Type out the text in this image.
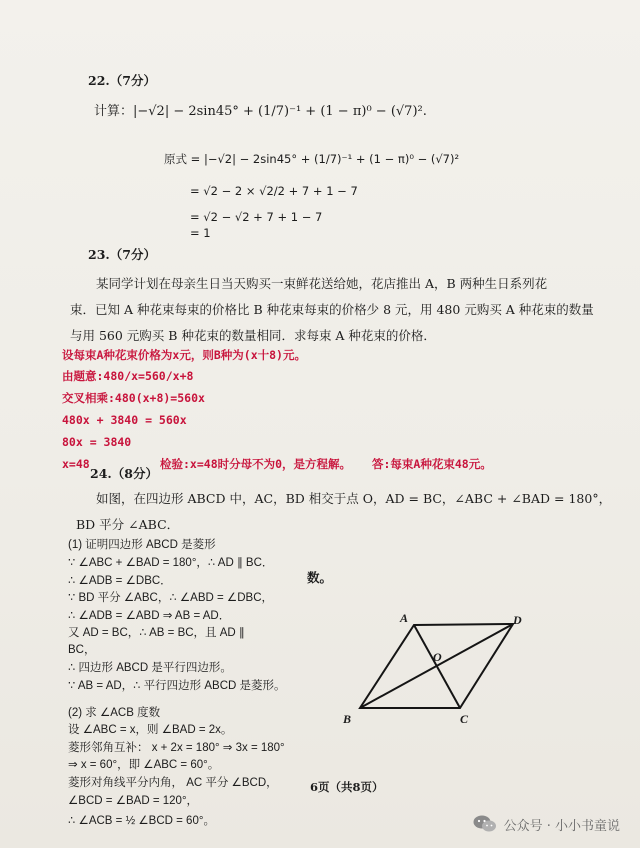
22.（7分）
计算：|−√2| − 2sin45° + (1/7)⁻¹ + (1 − π)⁰ − (√7)².
原式 = |−√2| − 2sin45° + (1/7)⁻¹ + (1 − π)⁰ − (√7)²
= √2 − 2 × √2/2 + 7 + 1 − 7
= √2 − √2 + 7 + 1 − 7
= 1
23.（7分）
某同学计划在母亲生日当天购买一束鲜花送给她，花店推出 A，B 两种生日系列花
束．已知 A 种花束每束的价格比 B 种花束每束的价格少 8 元，用 480 元购买 A 种花束的数量
与用 560 元购买 B 种花束的数量相同．求每束 A 种花束的价格．
设每束A种花束价格为x元，则B种为(x十8)元。
由题意:480/x=560/x+8
交叉相乘:480(x+8)=560x
480x + 3840 = 560x
80x = 3840
x=48	检验:x=48时分母不为0，是方程解。 答:每束A种花束48元。
24.（8分）
如图，在四边形 ABCD 中，AC，BD 相交于点 O，AD = BC，∠ABC + ∠BAD = 180°，
BD 平分 ∠ABC．
(1) 证明四边形 ABCD 是菱形
∵ ∠ABC + ∠BAD = 180°，∴ AD ∥ BC．
∴ ∠ADB = ∠DBC．
∵ BD 平分 ∠ABC，∴ ∠ABD = ∠DBC，
∴ ∠ADB = ∠ABD ⇒ AB = AD．
又 AD = BC，∴ AB = BC，且 AD ∥
BC，
∴ 四边形 ABCD 是平行四边形。
∵ AB = AD，∴ 平行四边形 ABCD 是菱形。
(2) 求 ∠ACB 度数
设 ∠ABC = x，则 ∠BAD = 2x。
菱形邻角互补： x + 2x = 180° ⇒ 3x = 180°
⇒ x = 60°，即 ∠ABC = 60°。
菱形对角线平分内角， AC 平分 ∠BCD，
∠BCD = ∠BAD = 120°，
∴ ∠ACB = ½ ∠BCD = 60°。
数。
A	D
B	C
O
6页（共8页）
公众号 · 小小书童说
